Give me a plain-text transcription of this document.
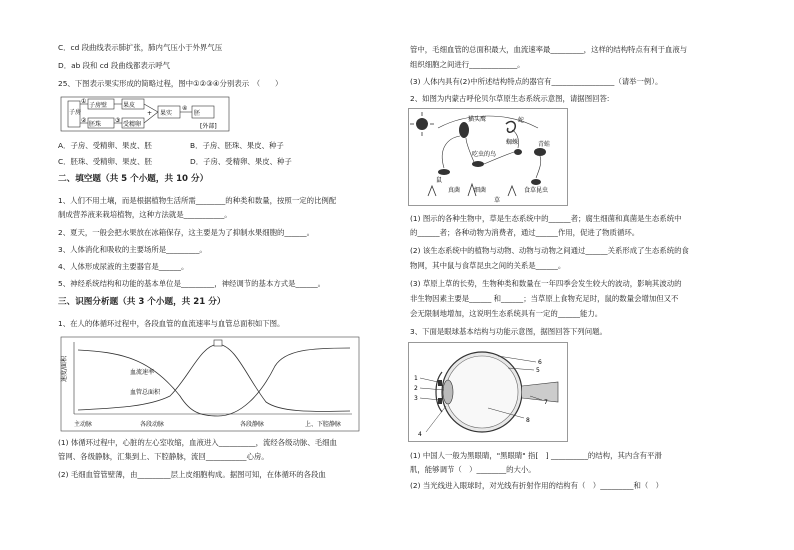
C．cd 段曲线表示肺扩张，肺内气压小于外界气压
D．ab 段和 cd 段曲线都表示呼气
25、下图表示果实形成的简略过程，图中①②③④分别表示　（　　）
子房
子房壁
胚珠
果皮
受精卵
果实	胚
①
②	③
④
+
[外部]
A．子房、受精卵、果皮、胚	B．子房、胚珠、果皮、种子
C．胚珠、受精卵、果皮、胚	D．子房、受精卵、果皮、种子
二、填空题（共 5 个小题，共 10 分）
1、人们不用土壤，而是根据植物生活所需________的种类和数量，按照一定的比例配
制成营养液来栽培植物，这种方法就是___________。
2、夏天，一般会把水果放在冰箱保存，这主要是为了抑制水果细胞的______。
3、人体消化和吸收的主要场所是_________。
4、人体形成尿液的主要器官是______。
5、神经系统结构和功能的基本单位是_________，神经调节的基本方式是______。
三、识图分析题（共 3 个小题，共 21 分）
1、在人的体循环过程中，各段血管的血流速率与血管总面积如下图。
速度/面积	血流速率
血管总面积
主动脉	各段动脉	各段静脉	上、下腔静脉
(1) 体循环过程中，心脏的左心室收缩，血液进入__________，流经各级动脉、毛细血
管网、各级静脉，汇集到上、下腔静脉，流回___________心房。
(2) 毛细血管管壁薄，由_________层上皮细胞构成。据图可知，在体循环的各段血
管中，毛细血管的总面积最大，血流速率最_________，这样的结构特点有利于血液与
组织细胞之间进行_____________。
(3) 人体内具有(2)中所述结构特点的器官有_________________（请举一例）。
2、如图为内蒙古呼伦贝尔草原生态系统示意图，请据图回答:
猫头鹰	蛇
青蛙
蜘蛛
吃虫的鸟
鼠
真菌 细菌	食草昆虫
草
(1) 图示的各种生物中，草是生态系统中的______者；腐生细菌和真菌是生态系统中
的______者；各种动物为消费者，通过______作用，促进了物质循环。
(2) 该生态系统中的植物与动物、动物与动物之间通过______关系形成了生态系统的食
物网，其中鼠与食草昆虫之间的关系是______。
(3) 草原上草的长势，生物种类和数量在一年四季会发生较大的波动，影响其波动的
非生物因素主要是______ 和______；当草原上食物充足时，鼠的数量会增加但又不
会无限制地增加，这说明生态系统具有一定的______能力。
3、下面是眼球基本结构与功能示意图，据图回答下列问题。
1
2
3
4
5
6
7
8
(1) 中国人一般为黑眼睛，"黑眼睛" 指[　] __________的结构，其内含有平滑
肌，能够调节（　）________的大小。
(2) 当光线进入眼球时，对光线有折射作用的结构有（　）_________和（　）
